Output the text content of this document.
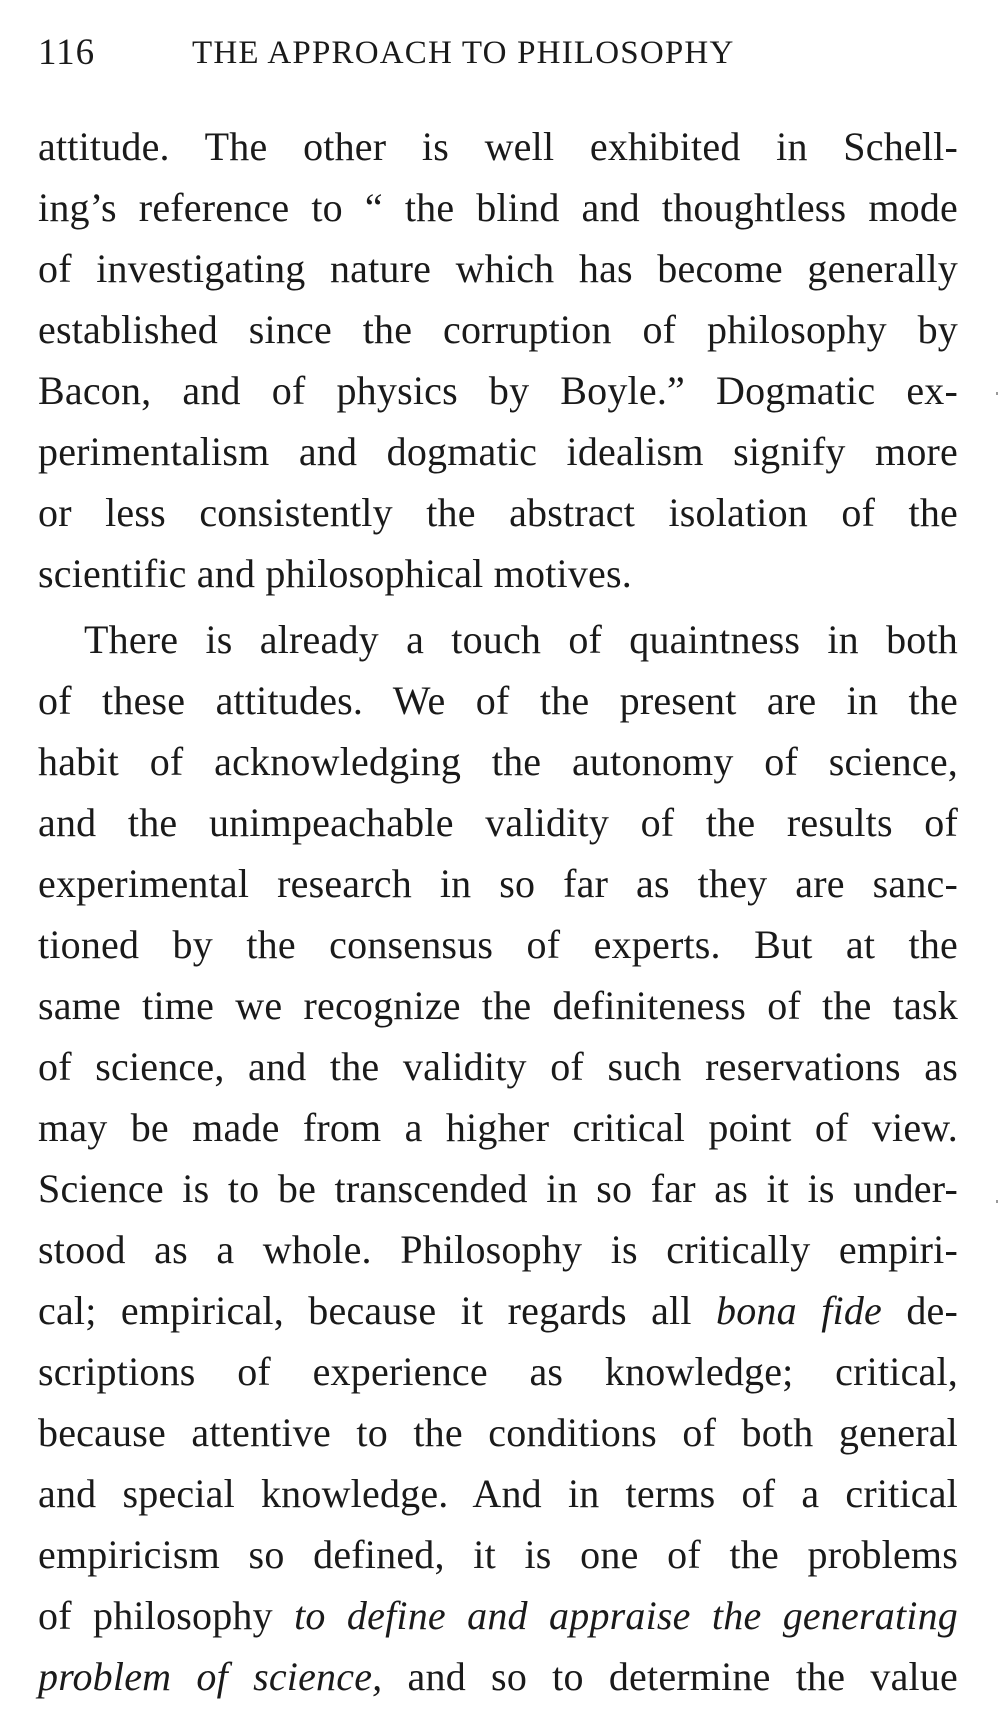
116	THE APPROACH TO PHILOSOPHY
attitude. The other is well exhibited in Schell-
ing’s reference to “ the blind and thoughtless mode
of investigating nature which has become generally
established since the corruption of philosophy by
Bacon, and of physics by Boyle.” Dogmatic ex-
perimentalism and dogmatic idealism signify more
or less consistently the abstract isolation of the
scientific and philosophical motives.
There is already a touch of quaintness in both
of these attitudes. We of the present are in the
habit of acknowledging the autonomy of science,
and the unimpeachable validity of the results of
experimental research in so far as they are sanc-
tioned by the consensus of experts. But at the
same time we recognize the definiteness of the task
of science, and the validity of such reservations as
may be made from a higher critical point of view.
Science is to be transcended in so far as it is under-
stood as a whole. Philosophy is critically empiri-
cal; empirical, because it regards all bona fide de-
scriptions of experience as knowledge; critical,
because attentive to the conditions of both general
and special knowledge. And in terms of a critical
empiricism so defined, it is one of the problems
of philosophy to define and appraise the generating
problem of science, and so to determine the value
